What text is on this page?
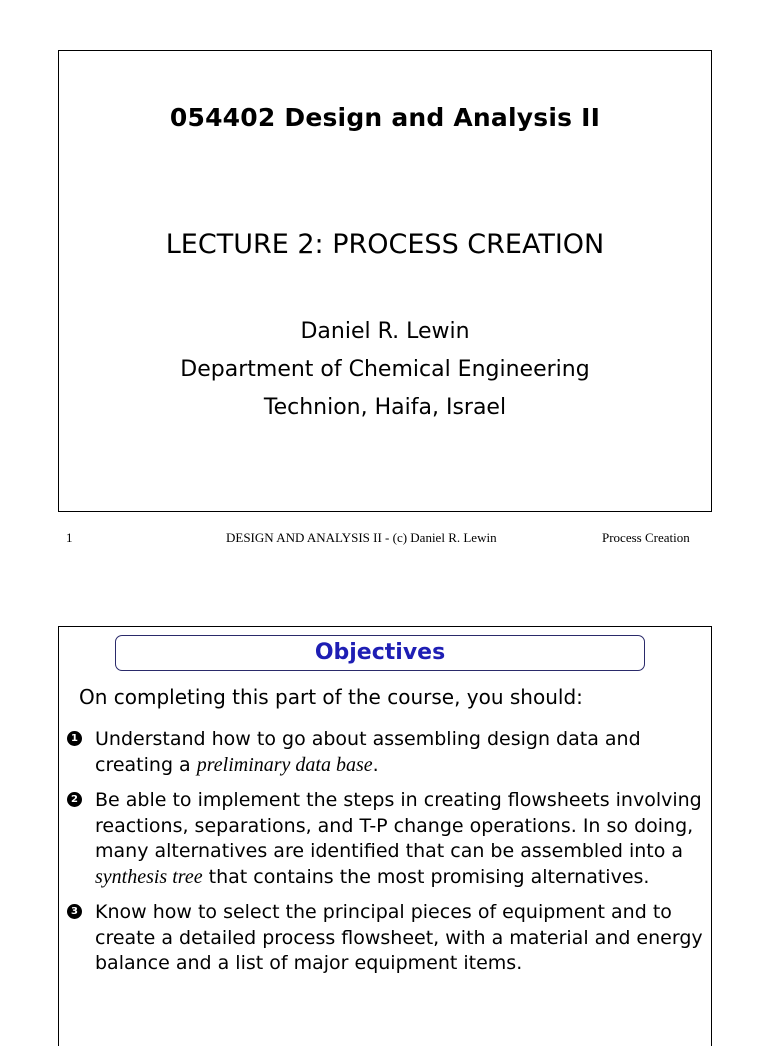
054402 Design and Analysis II
LECTURE 2: PROCESS CREATION
Daniel R. Lewin
Department of Chemical Engineering
Technion, Haifa, Israel
1	DESIGN AND ANALYSIS II - (c) Daniel R. Lewin	Process Creation
Objectives
On completing this part of the course, you should:
1 Understand how to go about assembling design data and creating a preliminary data base.
2 Be able to implement the steps in creating flowsheets involving reactions, separations, and T-P change operations. In so doing, many alternatives are identified that can be assembled into a synthesis tree that contains the most promising alternatives.
3 Know how to select the principal pieces of equipment and to create a detailed process flowsheet, with a material and energy balance and a list of major equipment items.
